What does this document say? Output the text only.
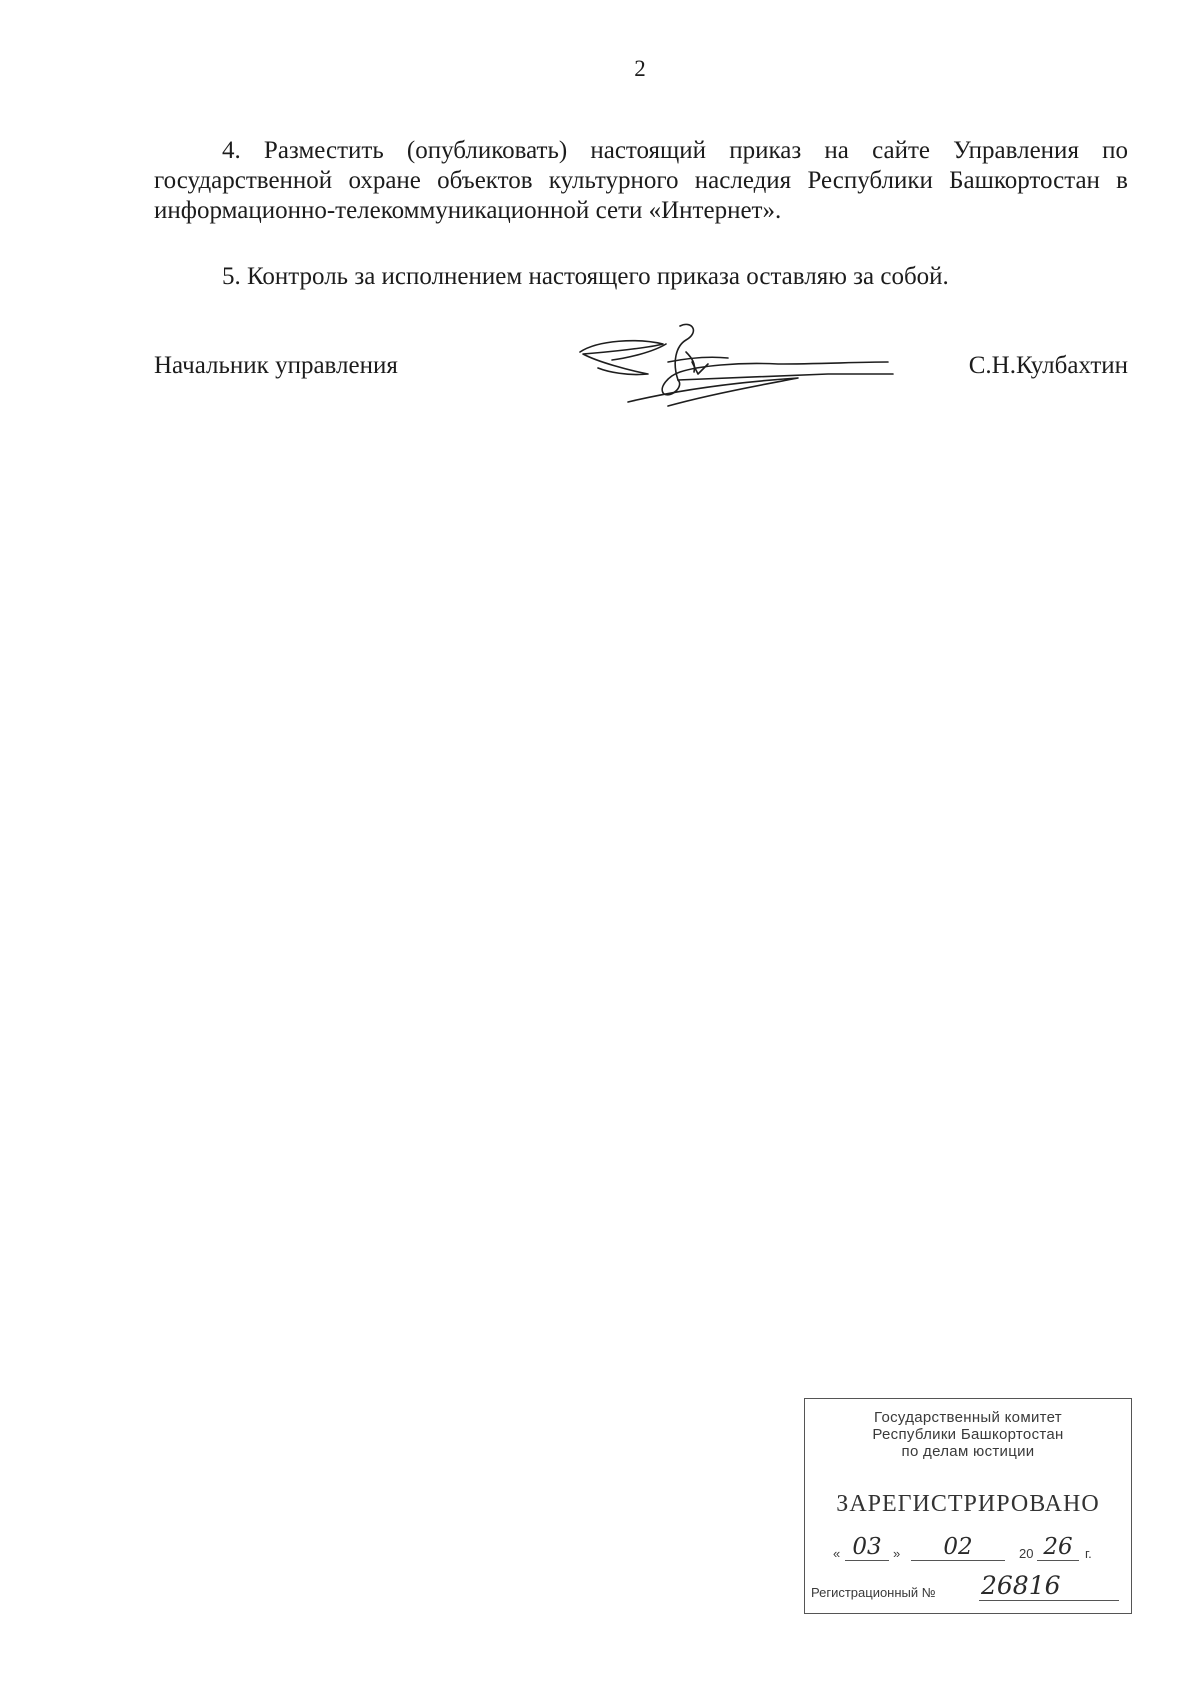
2
4. Разместить (опубликовать) настоящий приказ на сайте Управления по государственной охране объектов культурного наследия Республики Башкортостан в информационно-телекоммуникационной сети «Интернет».
5. Контроль за исполнением настоящего приказа оставляю за собой.
Начальник управления	С.Н.Кулбахтин
Государственный комитет
Республики Башкортостан
по делам юстиции
ЗАРЕГИСТРИРОВАНО
« 03 »	02	20 26 г.
Регистрационный № 26816
